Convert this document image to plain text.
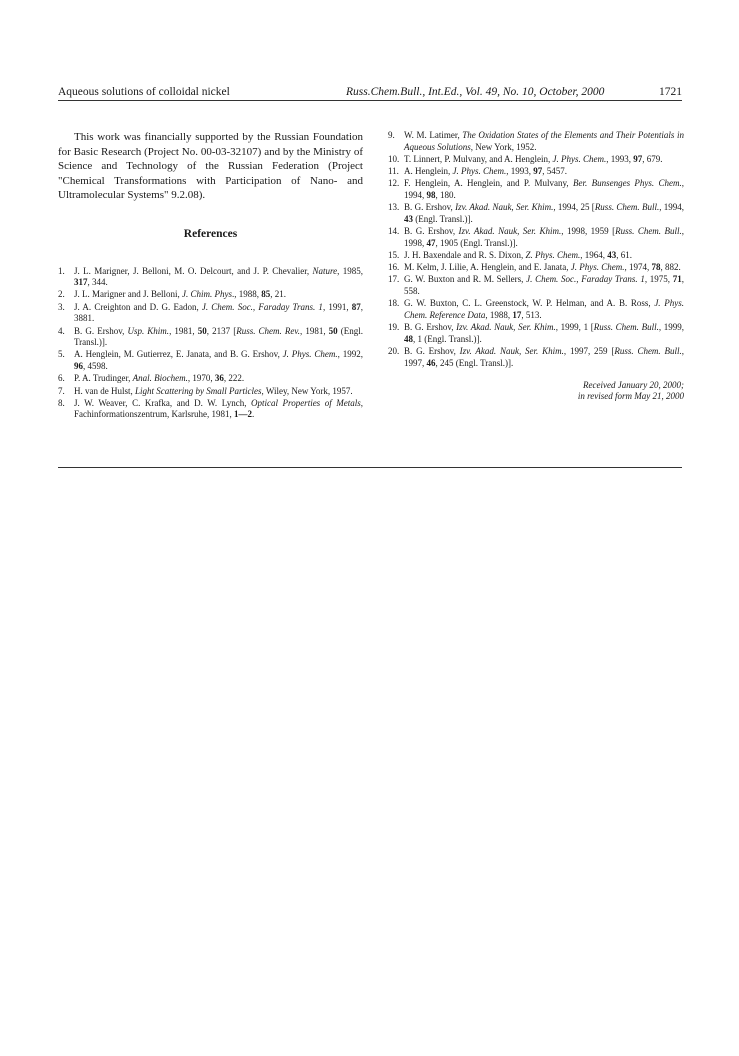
Aqueous solutions of colloidal nickel	Russ.Chem.Bull., Int.Ed., Vol. 49, No. 10, October, 2000	1721

This work was financially supported by the Russian Foundation for Basic Research (Project No. 00-03-32107) and by the Ministry of Science and Technology of the Russian Federation (Project "Chemical Transformations with Participation of Nano- and Ultramolecular Systems" 9.2.08).

References
1. J. L. Marigner, J. Belloni, M. O. Delcourt, and J. P. Chevalier, Nature, 1985, 317, 344.
2. J. L. Marigner and J. Belloni, J. Chim. Phys., 1988, 85, 21.
3. J. A. Creighton and D. G. Eadon, J. Chem. Soc., Faraday Trans. 1, 1991, 87, 3881.
4. B. G. Ershov, Usp. Khim., 1981, 50, 2137 [Russ. Chem. Rev., 1981, 50 (Engl. Transl.)].
5. A. Henglein, M. Gutierrez, E. Janata, and B. G. Ershov, J. Phys. Chem., 1992, 96, 4598.
6. P. A. Trudinger, Anal. Biochem., 1970, 36, 222.
7. H. van de Hulst, Light Scattering by Small Particles, Wiley, New York, 1957.
8. J. W. Weaver, C. Krafka, and D. W. Lynch, Optical Properties of Metals, Fachinformationszentrum, Karlsruhe, 1981, 1—2.
9. W. M. Latimer, The Oxidation States of the Elements and Their Potentials in Aqueous Solutions, New York, 1952.
10. T. Linnert, P. Mulvany, and A. Henglein, J. Phys. Chem., 1993, 97, 679.
11. A. Henglein, J. Phys. Chem., 1993, 97, 5457.
12. F. Henglein, A. Henglein, and P. Mulvany, Ber. Bunsenges Phys. Chem., 1994, 98, 180.
13. B. G. Ershov, Izv. Akad. Nauk, Ser. Khim., 1994, 25 [Russ. Chem. Bull., 1994, 43 (Engl. Transl.)].
14. B. G. Ershov, Izv. Akad. Nauk, Ser. Khim., 1998, 1959 [Russ. Chem. Bull., 1998, 47, 1905 (Engl. Transl.)].
15. J. H. Baxendale and R. S. Dixon, Z. Phys. Chem., 1964, 43, 61.
16. M. Kelm, J. Lilie, A. Henglein, and E. Janata, J. Phys. Chem., 1974, 78, 882.
17. G. W. Buxton and R. M. Sellers, J. Chem. Soc., Faraday Trans. 1, 1975, 71, 558.
18. G. W. Buxton, C. L. Greenstock, W. P. Helman, and A. B. Ross, J. Phys. Chem. Reference Data, 1988, 17, 513.
19. B. G. Ershov, Izv. Akad. Nauk, Ser. Khim., 1999, 1 [Russ. Chem. Bull., 1999, 48, 1 (Engl. Transl.)].
20. B. G. Ershov, Izv. Akad. Nauk, Ser. Khim., 1997, 259 [Russ. Chem. Bull., 1997, 46, 245 (Engl. Transl.)].
Received January 20, 2000;
in revised form May 21, 2000
